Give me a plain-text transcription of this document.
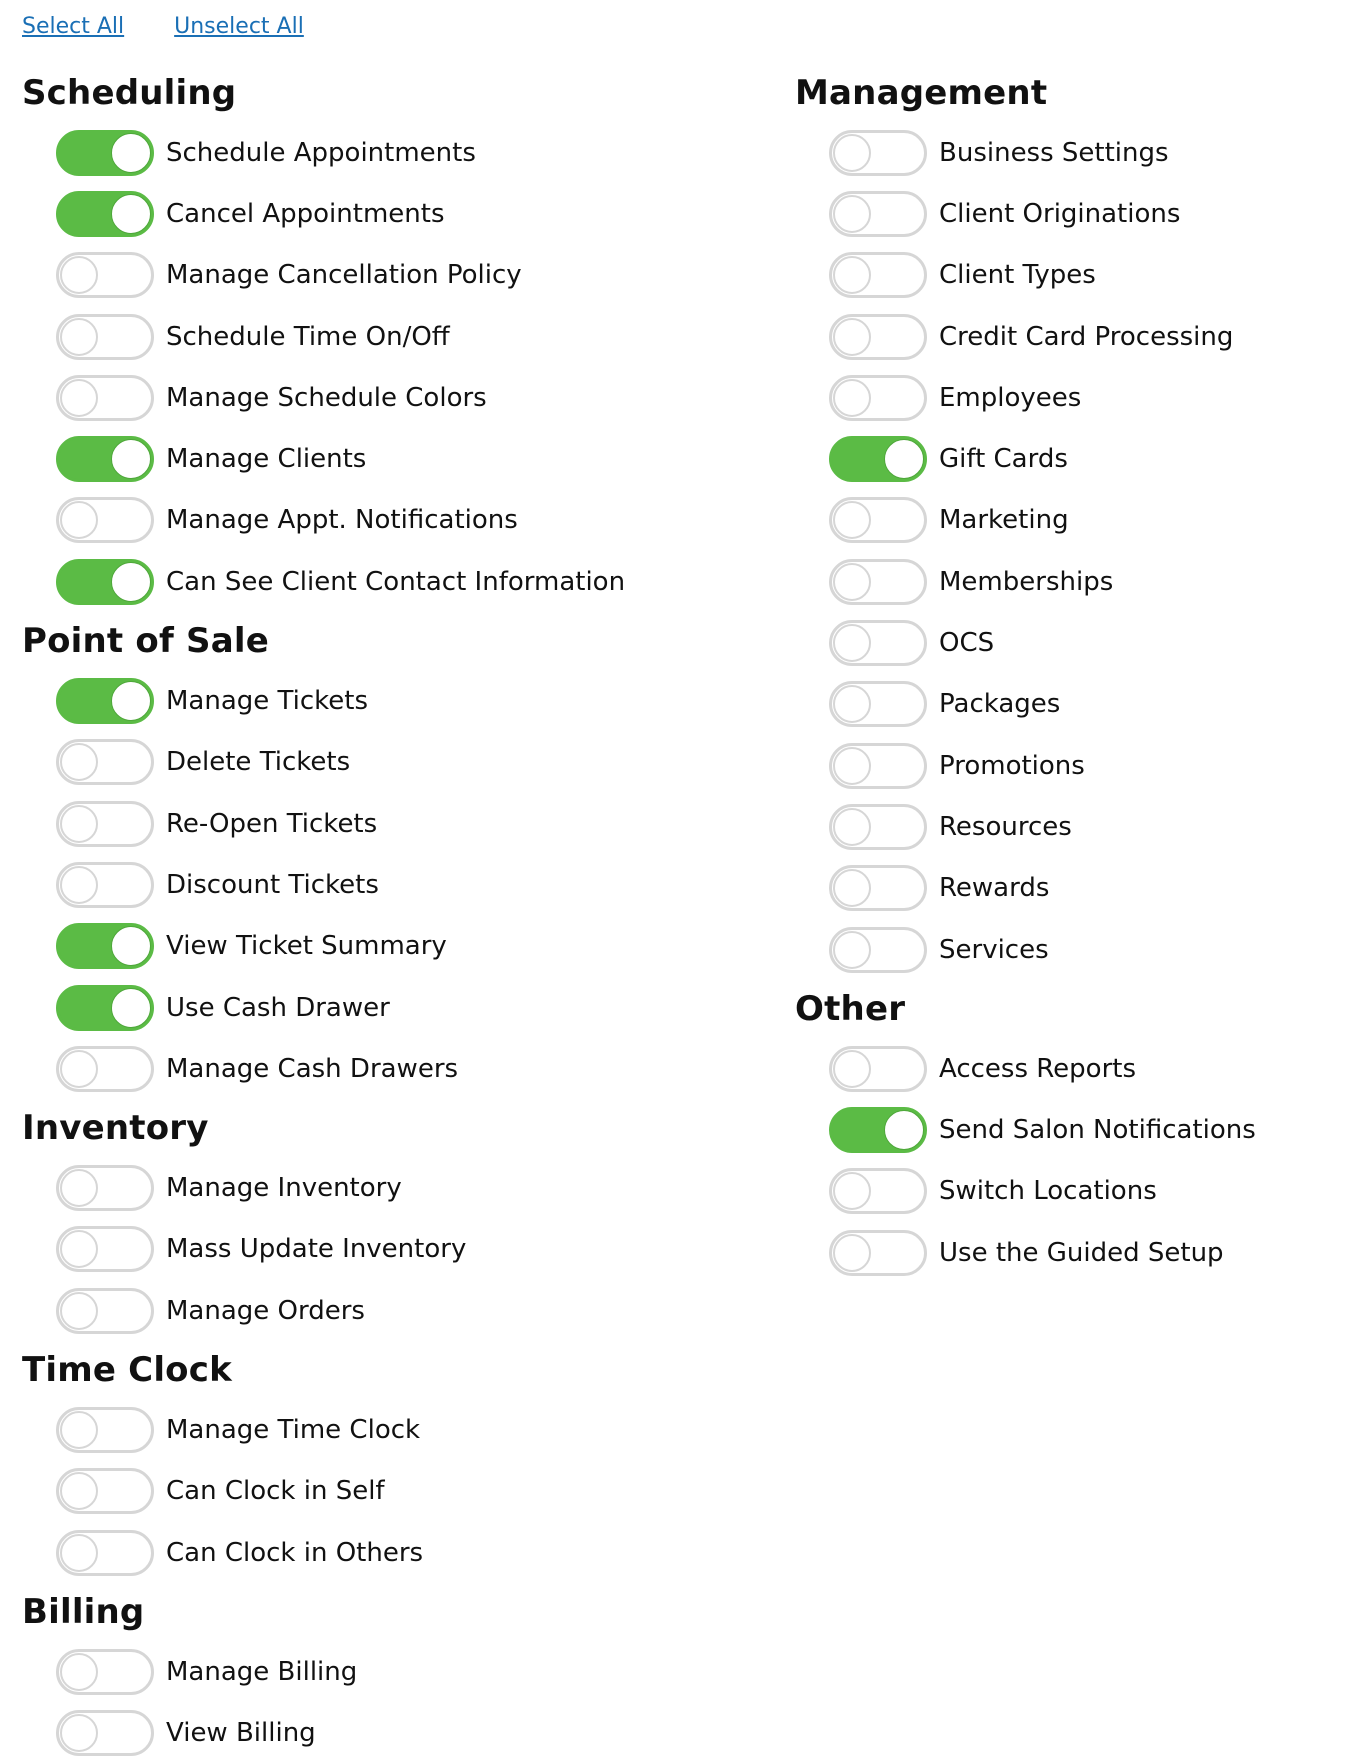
Select All Unselect All
Scheduling
Schedule Appointments
Cancel Appointments
Manage Cancellation Policy
Schedule Time On/Off
Manage Schedule Colors
Manage Clients
Manage Appt. Notifications
Can See Client Contact Information
Point of Sale
Manage Tickets
Delete Tickets
Re-Open Tickets
Discount Tickets
View Ticket Summary
Use Cash Drawer
Manage Cash Drawers
Inventory
Manage Inventory
Mass Update Inventory
Manage Orders
Time Clock
Manage Time Clock
Can Clock in Self
Can Clock in Others
Billing
Manage Billing
View Billing
Management
Business Settings
Client Originations
Client Types
Credit Card Processing
Employees
Gift Cards
Marketing
Memberships
OCS
Packages
Promotions
Resources
Rewards
Services
Other
Access Reports
Send Salon Notifications
Switch Locations
Use the Guided Setup
